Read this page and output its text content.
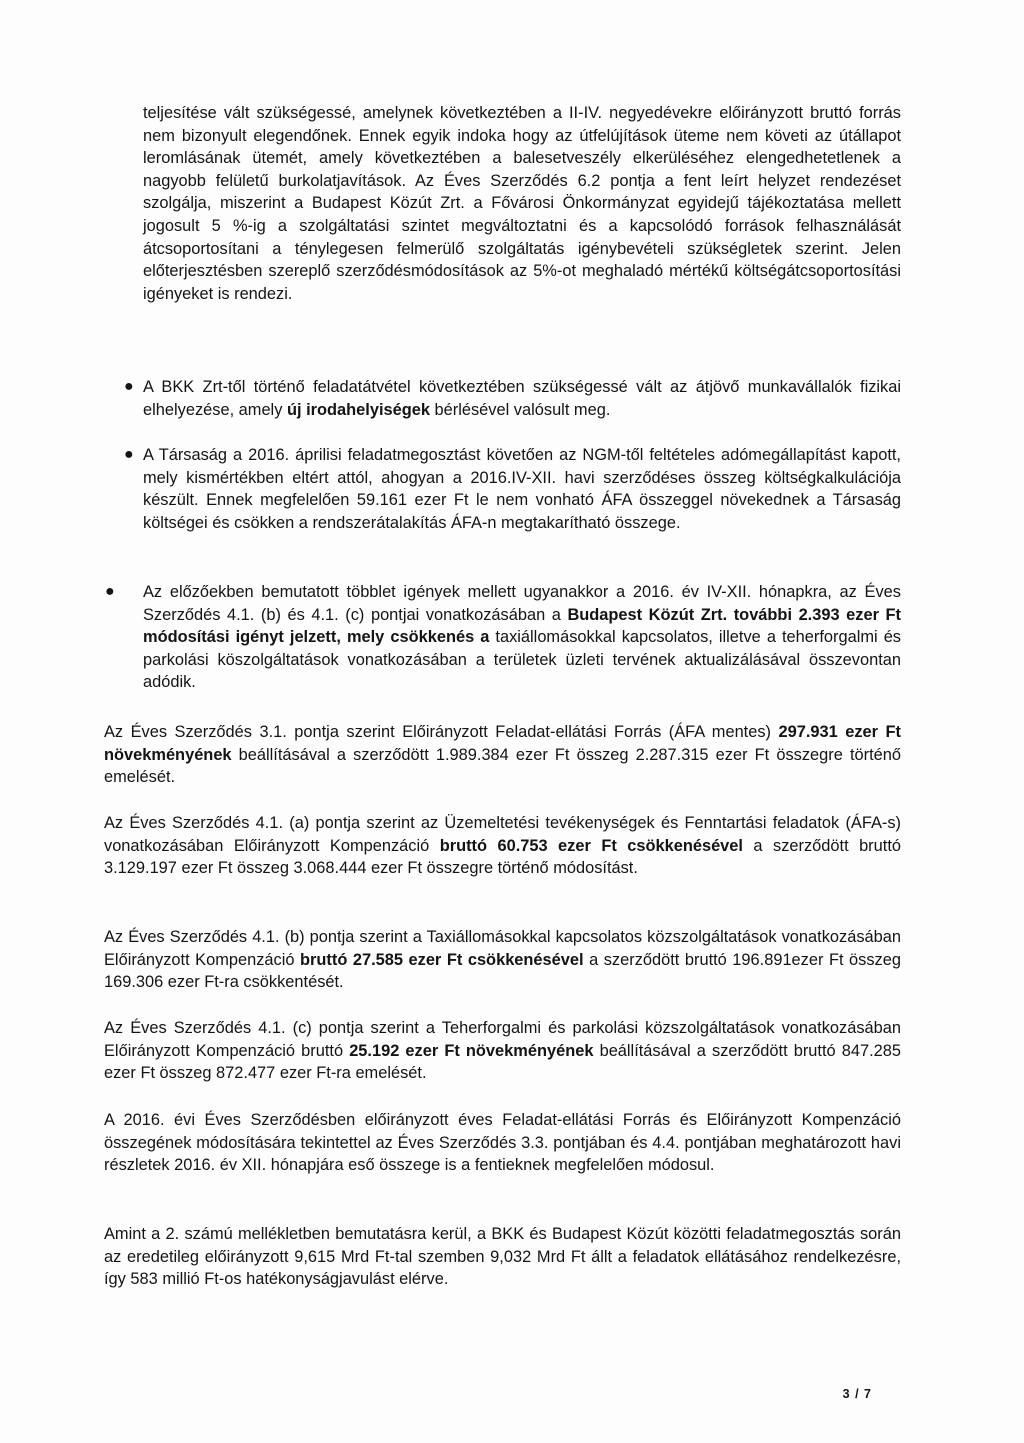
teljesítése vált szükségessé, amelynek következtében a II-IV. negyedévekre előirányzott bruttó forrás nem bizonyult elegendőnek. Ennek egyik indoka hogy az útfelújítások üteme nem követi az útállapot leromlásának ütemét, amely következtében a balesetveszély elkerüléséhez elengedhetetlenek a nagyobb felületű burkolatjavítások. Az Éves Szerződés 6.2 pontja a fent leírt helyzet rendezéset szolgálja, miszerint a Budapest Közút Zrt. a Fővárosi Önkormányzat egyidejű tájékoztatása mellett jogosult 5 %-ig a szolgáltatási szintet megváltoztatni és a kapcsolódó források felhasználását átcsoportosítani a ténylegesen felmerülő szolgáltatás igénybevételi szükségletek szerint. Jelen előterjesztésben szereplő szerződésmódosítások az 5%-ot meghaladó mértékű költségátcsoportosítási igényeket is rendezi.

● A BKK Zrt-től történő feladatátvétel következtében szükségessé vált az átjövő munkavállalók fizikai elhelyezése, amely új irodahelyiségek bérlésével valósult meg.
● A Társaság a 2016. áprilisi feladatmegosztást követően az NGM-től feltételes adómegállapítást kapott, mely kismértékben eltért attól, ahogyan a 2016.IV-XII. havi szerződéses összeg költségkalkulációja készült. Ennek megfelelően 59.161 ezer Ft le nem vonható ÁFA összeggel növekednek a Társaság költségei és csökken a rendszerátalakítás ÁFA-n megtakarítható összege.
● Az előzőekben bemutatott többlet igények mellett ugyanakkor a 2016. év IV-XII. hónapkra, az Éves Szerződés 4.1. (b) és 4.1. (c) pontjai vonatkozásában a Budapest Közút Zrt. további 2.393 ezer Ft módosítási igényt jelzett, mely csökkenés a taxiállomásokkal kapcsolatos, illetve a teherforgalmi és parkolási köszolgáltatások vonatkozásában a területek üzleti tervének aktualizálásával összevontan adódik.

Az Éves Szerződés 3.1. pontja szerint Előirányzott Feladat-ellátási Forrás (ÁFA mentes) 297.931 ezer Ft növekményének beállításával a szerződött 1.989.384 ezer Ft összeg 2.287.315 ezer Ft összegre történő emelését.

Az Éves Szerződés 4.1. (a) pontja szerint az Üzemeltetési tevékenységek és Fenntartási feladatok (ÁFA-s) vonatkozásában Előirányzott Kompenzáció bruttó 60.753 ezer Ft csökkenésével a szerződött bruttó 3.129.197 ezer Ft összeg 3.068.444 ezer Ft összegre történő módosítást.

Az Éves Szerződés 4.1. (b) pontja szerint a Taxiállomásokkal kapcsolatos közszolgáltatások vonatkozásában Előirányzott Kompenzáció bruttó 27.585 ezer Ft csökkenésével a szerződött bruttó 196.891ezer Ft összeg 169.306 ezer Ft-ra csökkentését.

Az Éves Szerződés 4.1. (c) pontja szerint a Teherforgalmi és parkolási közszolgáltatások vonatkozásában Előirányzott Kompenzáció bruttó 25.192 ezer Ft növekményének beállításával a szerződött bruttó 847.285 ezer Ft összeg 872.477 ezer Ft-ra emelését.

A 2016. évi Éves Szerződésben előirányzott éves Feladat-ellátási Forrás és Előirányzott Kompenzáció összegének módosítására tekintettel az Éves Szerződés 3.3. pontjában és 4.4. pontjában meghatározott havi részletek 2016. év XII. hónapjára eső összege is a fentieknek megfelelően módosul.

Amint a 2. számú mellékletben bemutatásra kerül, a BKK és Budapest Közút közötti feladatmegosztás során az eredetileg előirányzott 9,615 Mrd Ft-tal szemben 9,032 Mrd Ft állt a feladatok ellátásához rendelkezésre, így 583 millió Ft-os hatékonyságjavulást elérve.

3 / 7
